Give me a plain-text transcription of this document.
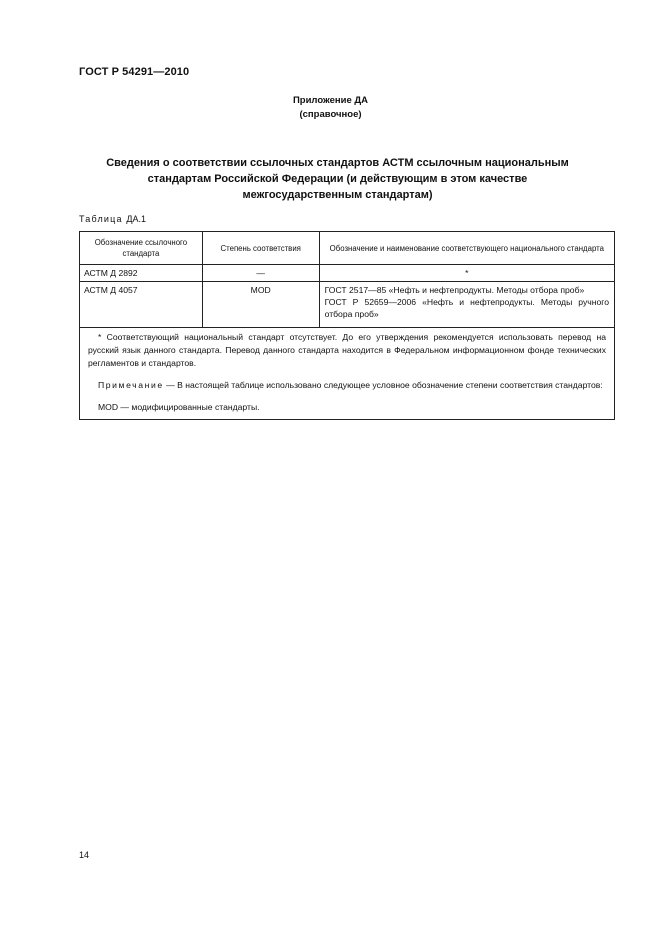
ГОСТ Р 54291—2010
Приложение ДА
(справочное)
Сведения о соответствии ссылочных стандартов АСТМ ссылочным национальным стандартам Российской Федерации (и действующим в этом качестве межгосударственным стандартам)
Таблица ДА.1
Обозначение ссылочного стандарта	Степень соответствия	Обозначение и наименование соответствующего национального стандарта
АСТМ Д 2892	—	*
АСТМ Д 4057	MOD	ГОСТ 2517—85 «Нефть и нефтепродукты. Методы отбора проб»
ГОСТ Р 52659—2006 «Нефть и нефтепродукты. Методы ручного отбора проб»

* Соответствующий национальный стандарт отсутствует. До его утверждения рекомендуется использовать перевод на русский язык данного стандарта. Перевод данного стандарта находится в Федеральном информационном фонде технических регламентов и стандартов.

Примечание — В настоящей таблице использовано следующее условное обозначение степени соответствия стандартов:

MOD — модифицированные стандарты.		

14
